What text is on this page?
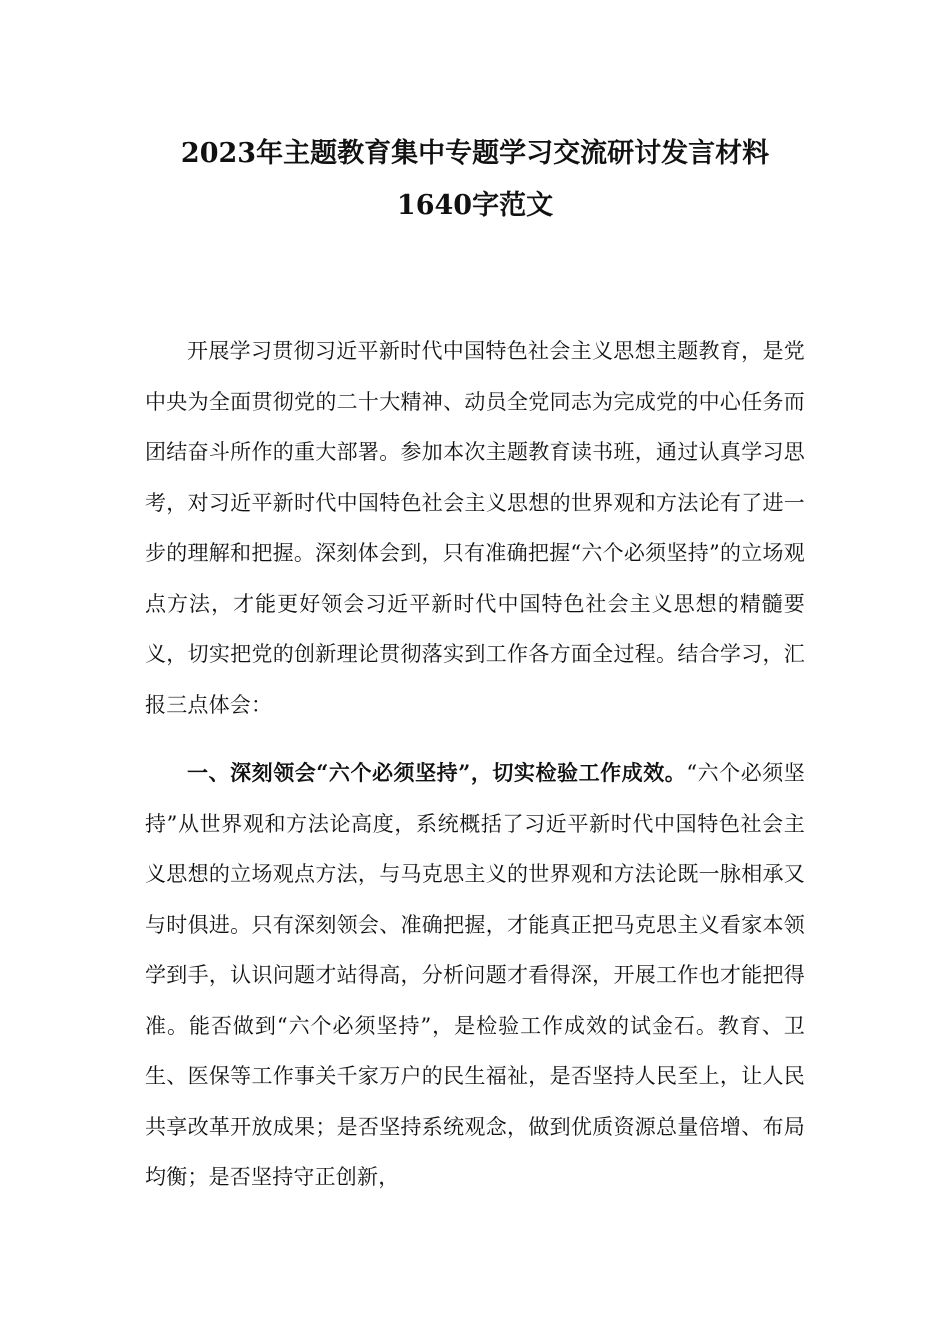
2023年主题教育集中专题学习交流研讨发言材料
1640字范文

开展学习贯彻习近平新时代中国特色社会主义思想主题教育，是党中央为全面贯彻党的二十大精神、动员全党同志为完成党的中心任务而团结奋斗所作的重大部署。参加本次主题教育读书班，通过认真学习思考，对习近平新时代中国特色社会主义思想的世界观和方法论有了进一步的理解和把握。深刻体会到，只有准确把握“六个必须坚持”的立场观点方法，才能更好领会习近平新时代中国特色社会主义思想的精髓要义，切实把党的创新理论贯彻落实到工作各方面全过程。结合学习，汇报三点体会：

一、深刻领会“六个必须坚持”，切实检验工作成效。“六个必须坚持”从世界观和方法论高度，系统概括了习近平新时代中国特色社会主义思想的立场观点方法，与马克思主义的世界观和方法论既一脉相承又与时俱进。只有深刻领会、准确把握，才能真正把马克思主义看家本领学到手，认识问题才站得高，分析问题才看得深，开展工作也才能把得准。能否做到“六个必须坚持”，是检验工作成效的试金石。教育、卫生、医保等工作事关千家万户的民生福祉，是否坚持人民至上，让人民共享改革开放成果；是否坚持系统观念，做到优质资源总量倍增、布局均衡；是否坚持守正创新，
